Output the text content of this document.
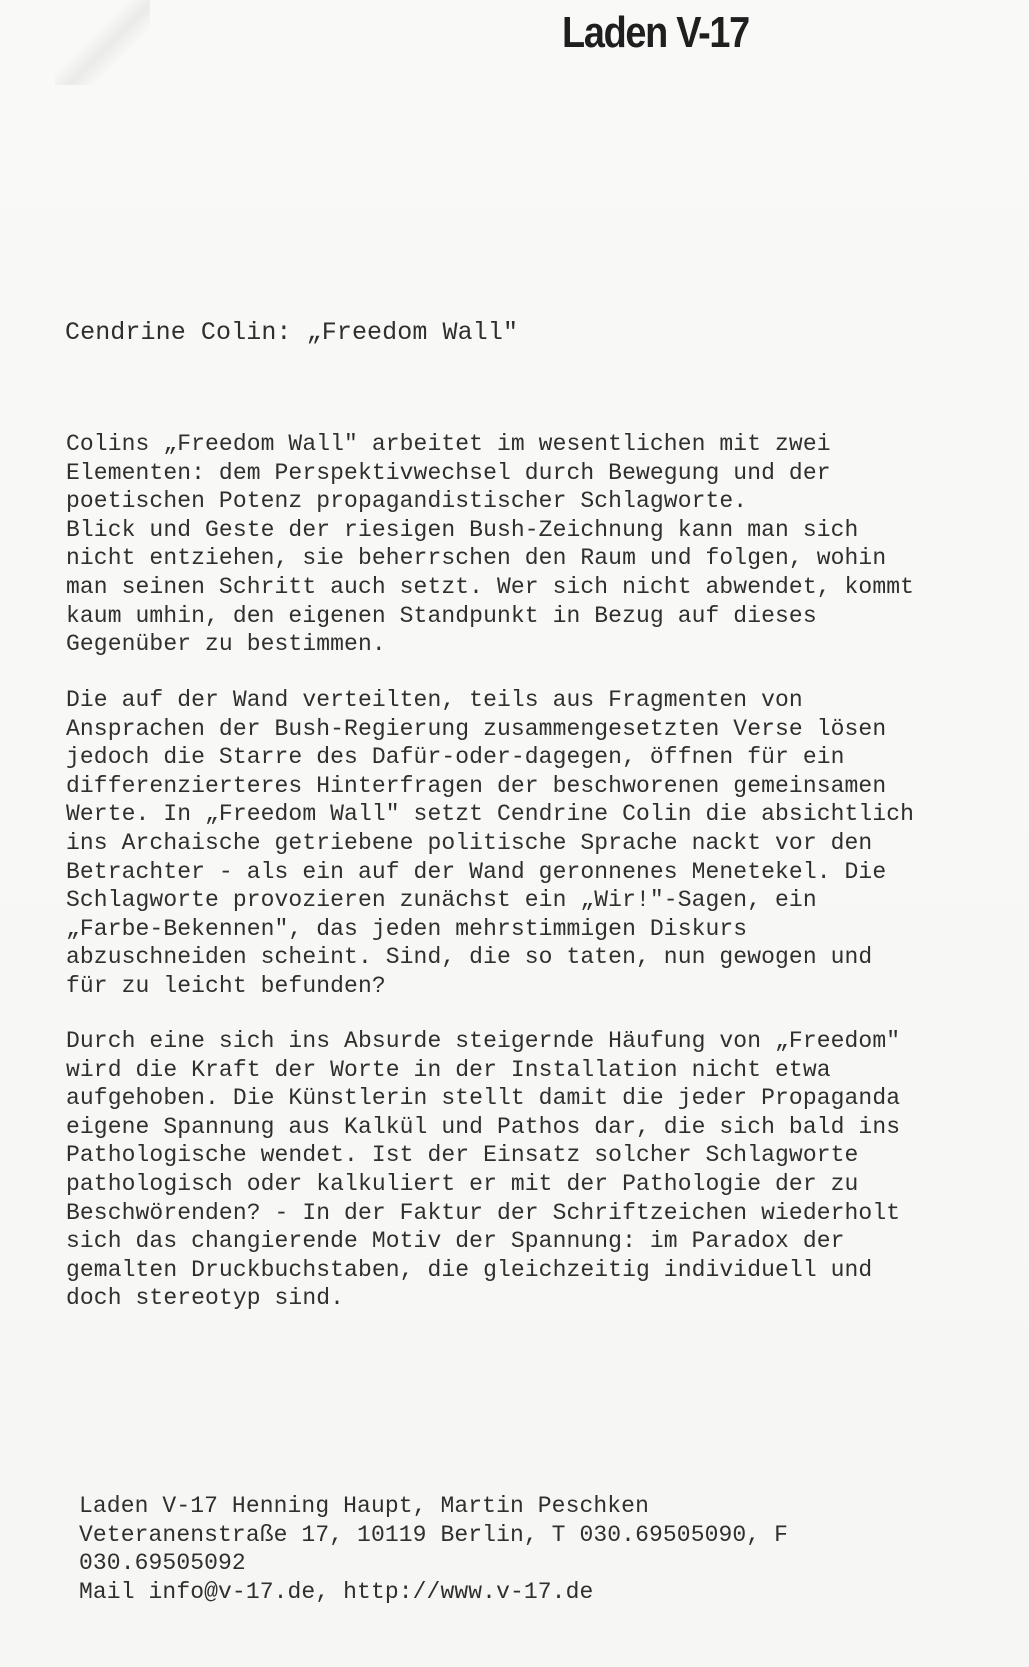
Laden V-17
Cendrine Colin: „Freedom Wall"
Colins „Freedom Wall" arbeitet im wesentlichen mit zwei
Elementen: dem Perspektivwechsel durch Bewegung und der
poetischen Potenz propagandistischer Schlagworte.
Blick und Geste der riesigen Bush-Zeichnung kann man sich
nicht entziehen, sie beherrschen den Raum und folgen, wohin
man seinen Schritt auch setzt. Wer sich nicht abwendet, kommt
kaum umhin, den eigenen Standpunkt in Bezug auf dieses
Gegenüber zu bestimmen.
Die auf der Wand verteilten, teils aus Fragmenten von
Ansprachen der Bush-Regierung zusammengesetzten Verse lösen
jedoch die Starre des Dafür-oder-dagegen, öffnen für ein
differenzierteres Hinterfragen der beschworenen gemeinsamen
Werte. In „Freedom Wall" setzt Cendrine Colin die absichtlich
ins Archaische getriebene politische Sprache nackt vor den
Betrachter - als ein auf der Wand geronnenes Menetekel. Die
Schlagworte provozieren zunächst ein „Wir!"-Sagen, ein
„Farbe-Bekennen", das jeden mehrstimmigen Diskurs
abzuschneiden scheint. Sind, die so taten, nun gewogen und
für zu leicht befunden?
Durch eine sich ins Absurde steigernde Häufung von „Freedom"
wird die Kraft der Worte in der Installation nicht etwa
aufgehoben. Die Künstlerin stellt damit die jeder Propaganda
eigene Spannung aus Kalkül und Pathos dar, die sich bald ins
Pathologische wendet. Ist der Einsatz solcher Schlagworte
pathologisch oder kalkuliert er mit der Pathologie der zu
Beschwörenden? - In der Faktur der Schriftzeichen wiederholt
sich das changierende Motiv der Spannung: im Paradox der
gemalten Druckbuchstaben, die gleichzeitig individuell und
doch stereotyp sind.
Laden V-17 Henning Haupt, Martin Peschken
Veteranenstraße 17, 10119 Berlin, T 030.69505090, F
030.69505092
Mail info@v-17.de, http://www.v-17.de
